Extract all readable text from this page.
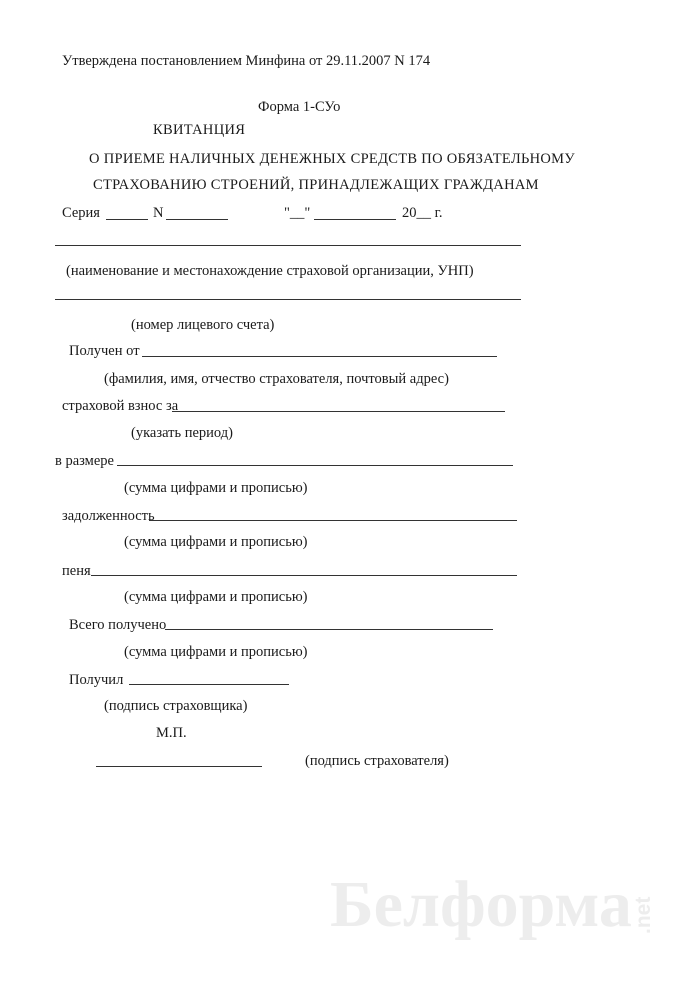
Утверждена постановлением Минфина от 29.11.2007 N 174
Форма 1-СУо
КВИТАНЦИЯ
О ПРИЕМЕ НАЛИЧНЫХ ДЕНЕЖНЫХ СРЕДСТВ ПО ОБЯЗАТЕЛЬНОМУ
СТРАХОВАНИЮ СТРОЕНИЙ, ПРИНАДЛЕЖАЩИХ ГРАЖДАНАМ
Серия	N	"__"	20__ г.
(наименование и местонахождение страховой организации, УНП)
(номер лицевого счета)
Получен от
(фамилия, имя, отчество страхователя, почтовый адрес)
страховой взнос за
(указать период)
в размере
(сумма цифрами и прописью)
задолженность
(сумма цифрами и прописью)
пеня
(сумма цифрами и прописью)
Всего получено
(сумма цифрами и прописью)
Получил
(подпись страховщика)
М.П.
(подпись страхователя)
Белформа .net
